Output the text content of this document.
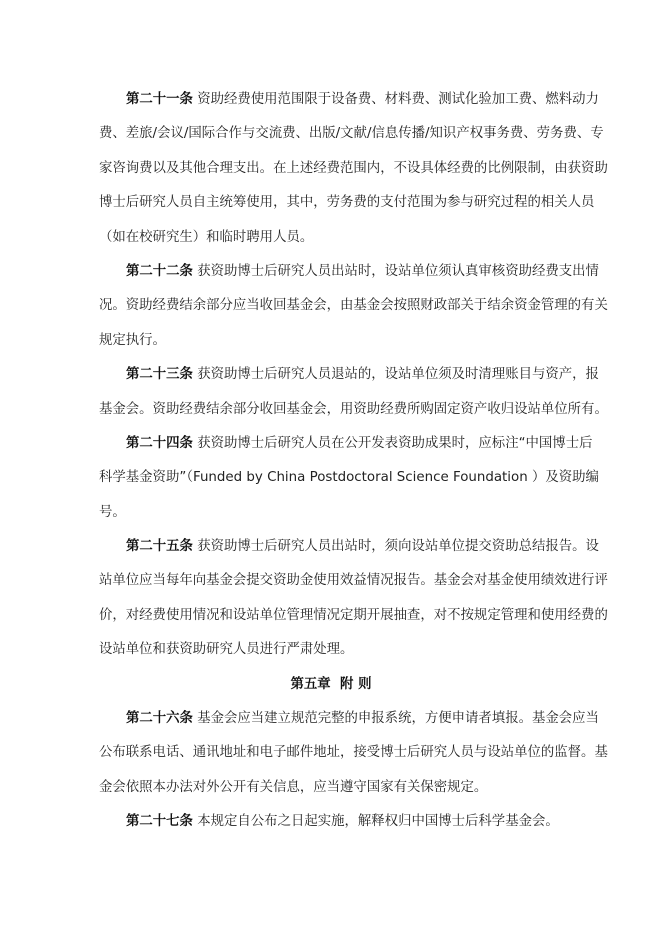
第二十一条 资助经费使用范围限于设备费、材料费、测试化验加工费、燃料动力
费、差旅/会议/国际合作与交流费、出版/文献/信息传播/知识产权事务费、劳务费、专
家咨询费以及其他合理支出。在上述经费范围内，不设具体经费的比例限制，由获资助
博士后研究人员自主统筹使用，其中，劳务费的支付范围为参与研究过程的相关人员
（如在校研究生）和临时聘用人员。
第二十二条 获资助博士后研究人员出站时，设站单位须认真审核资助经费支出情
况。资助经费结余部分应当收回基金会，由基金会按照财政部关于结余资金管理的有关
规定执行。
第二十三条 获资助博士后研究人员退站的，设站单位须及时清理账目与资产，报
基金会。资助经费结余部分收回基金会，用资助经费所购固定资产收归设站单位所有。
第二十四条 获资助博士后研究人员在公开发表资助成果时，应标注“中国博士后
科学基金资助”（Funded by China Postdoctoral Science Foundation ）及资助编
号。
第二十五条 获资助博士后研究人员出站时，须向设站单位提交资助总结报告。设
站单位应当每年向基金会提交资助金使用效益情况报告。基金会对基金使用绩效进行评
价，对经费使用情况和设站单位管理情况定期开展抽查，对不按规定管理和使用经费的
设站单位和获资助研究人员进行严肃处理。
第五章  附 则
第二十六条 基金会应当建立规范完整的申报系统，方便申请者填报。基金会应当
公布联系电话、通讯地址和电子邮件地址，接受博士后研究人员与设站单位的监督。基
金会依照本办法对外公开有关信息，应当遵守国家有关保密规定。
第二十七条 本规定自公布之日起实施，解释权归中国博士后科学基金会。
